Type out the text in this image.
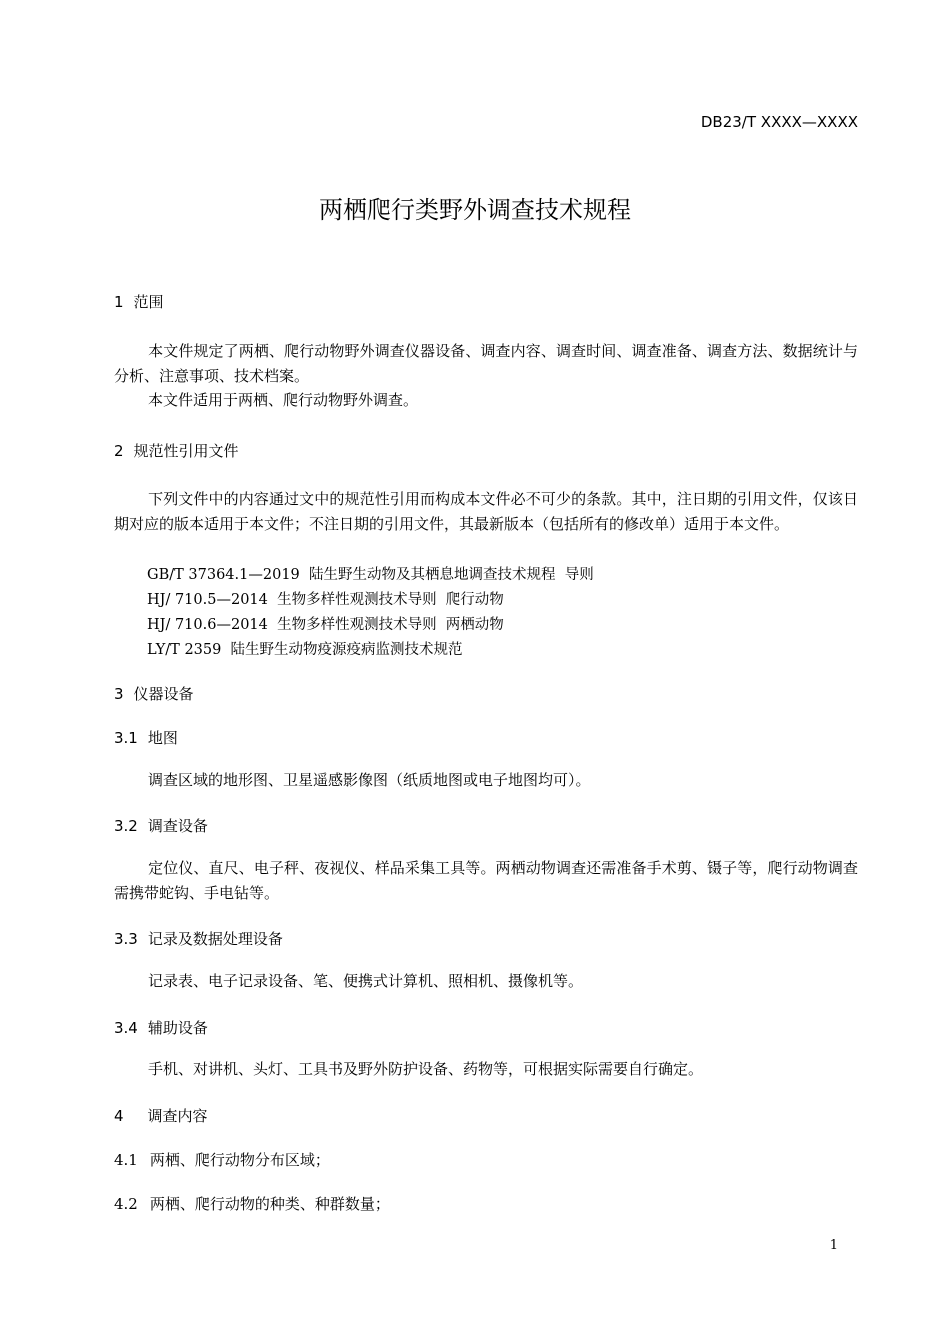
DB23/T XXXX—XXXX
两栖爬行类野外调查技术规程
1 范围
本文件规定了两栖、爬行动物野外调查仪器设备、调查内容、调查时间、调查准备、调查方法、数据统计与分析、注意事项、技术档案。
本文件适用于两栖、爬行动物野外调查。
2 规范性引用文件
下列文件中的内容通过文中的规范性引用而构成本文件必不可少的条款。其中，注日期的引用文件，仅该日期对应的版本适用于本文件；不注日期的引用文件，其最新版本（包括所有的修改单）适用于本文件。
GB/T 37364.1—2019  陆生野生动物及其栖息地调查技术规程  导则
HJ/ 710.5—2014  生物多样性观测技术导则  爬行动物
HJ/ 710.6—2014  生物多样性观测技术导则  两栖动物
LY/T 2359  陆生野生动物疫源疫病监测技术规范
3 仪器设备
3.1 地图
调查区域的地形图、卫星遥感影像图（纸质地图或电子地图均可）。
3.2 调查设备
定位仪、直尺、电子秤、夜视仪、样品采集工具等。两栖动物调查还需准备手术剪、镊子等，爬行动物调查需携带蛇钩、手电钻等。
3.3 记录及数据处理设备
记录表、电子记录设备、笔、便携式计算机、照相机、摄像机等。
3.4 辅助设备
手机、对讲机、头灯、工具书及野外防护设备、药物等，可根据实际需要自行确定。
4 调查内容
4.1 两栖、爬行动物分布区域；
4.2 两栖、爬行动物的种类、种群数量；
1
